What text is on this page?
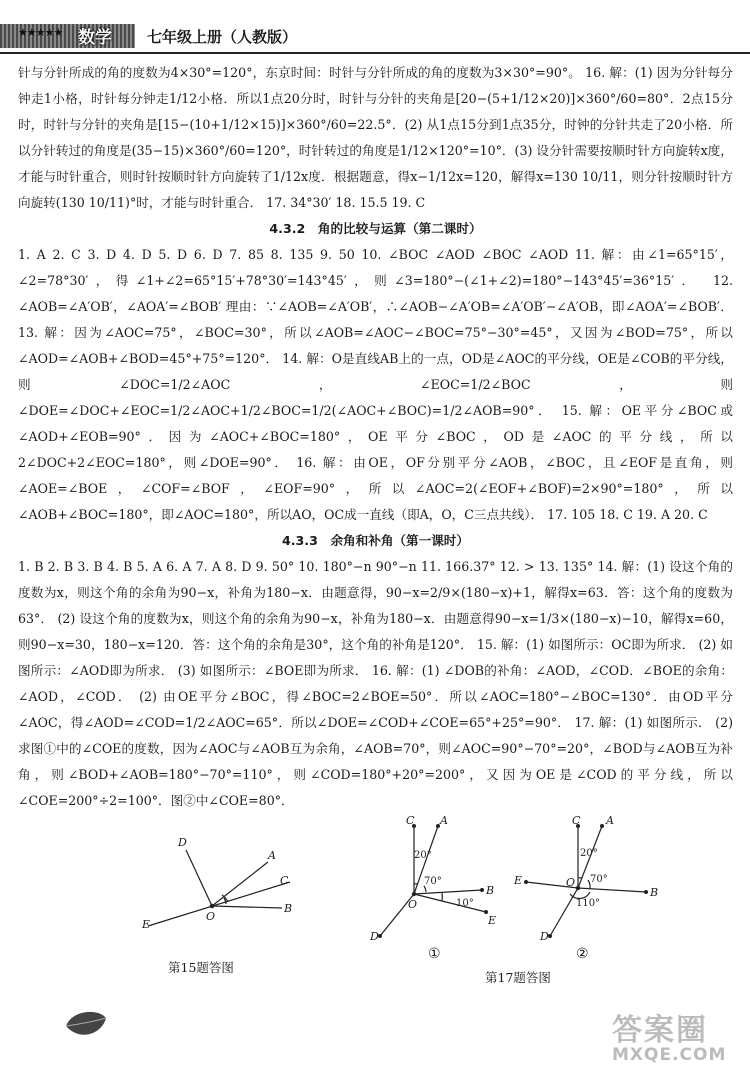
★★★★★ 数学 七年级上册（人教版）

针与分针所成的角的度数为4×30°=120°，东京时间：时针与分针所成的角的度数为3×30°=90°。 16. 解：(1) 因为分针每分钟走1小格，时针每分钟走1/12小格．所以1点20分时，时针与分针的夹角是[20−(5+1/12×20)]×360°/60=80°．2点15分时，时针与分针的夹角是[15−(10+1/12×15)]×360°/60=22.5°．(2) 从1点15分到1点35分，时钟的分针共走了20小格．所以分针转过的角度是(35−15)×360°/60=120°，时针转过的角度是1/12×120°=10°．(3) 设分针需要按顺时针方向旋转x度，才能与时针重合，则时针按顺时针方向旋转了1/12x度．根据题意，得x−1/12x=120，解得x=130 10/11，则分针按顺时针方向旋转(130 10/11)°时，才能与时针重合． 17. 34°30′ 18. 15.5 19. C

4.3.2　角的比较与运算（第二课时）

1. A 2. C 3. D 4. D 5. D 6. D 7. 85 8. 135 9. 50 10. ∠BOC ∠AOD ∠BOC ∠AOD 11. 解：由∠1=65°15′，∠2=78°30′，得∠1+∠2=65°15′+78°30′=143°45′，则∠3=180°−(∠1+∠2)=180°−143°45′=36°15′． 12. ∠AOB=∠A′OB′，∠AOA′=∠BOB′ 理由：∵∠AOB=∠A′OB′，∴∠AOB−∠A′OB=∠A′OB′−∠A′OB，即∠AOA′=∠BOB′． 13. 解：因为∠AOC=75°，∠BOC=30°，所以∠AOB=∠AOC−∠BOC=75°−30°=45°，又因为∠BOD=75°，所以∠AOD=∠AOB+∠BOD=45°+75°=120°． 14. 解：O是直线AB上的一点，OD是∠AOC的平分线，OE是∠COB的平分线，则∠DOC=1/2∠AOC，∠EOC=1/2∠BOC，则∠DOE=∠DOC+∠EOC=1/2∠AOC+1/2∠BOC=1/2(∠AOC+∠BOC)=1/2∠AOB=90°． 15. 解：OE平分∠BOC或∠AOD+∠EOB=90°．因为∠AOC+∠BOC=180°，OE平分∠BOC，OD是∠AOC的平分线，所以2∠DOC+2∠EOC=180°，则∠DOE=90°． 16. 解：由OE，OF分别平分∠AOB，∠BOC，且∠EOF是直角，则∠AOE=∠BOE，∠COF=∠BOF，∠EOF=90°，所以∠AOC=2(∠EOF+∠BOF)=2×90°=180°，所以∠AOB+∠BOC=180°，即∠AOC=180°，所以AO，OC成一直线（即A，O，C三点共线）． 17. 105 18. C 19. A 20. C

4.3.3　余角和补角（第一课时）

1. B 2. B 3. B 4. B 5. A 6. A 7. A 8. D 9. 50° 10. 180°−n 90°−n 11. 166.37° 12. > 13. 135° 14. 解：(1) 设这个角的度数为x，则这个角的余角为90−x，补角为180−x．由题意得，90−x=2/9×(180−x)+1，解得x=63．答：这个角的度数为63°． (2) 设这个角的度数为x，则这个角的余角为90−x，补角为180−x．由题意得90−x=1/3×(180−x)−10，解得x=60，则90−x=30，180−x=120．答：这个角的余角是30°，这个角的补角是120°． 15. 解：(1) 如图所示：OC即为所求． (2) 如图所示：∠AOD即为所求． (3) 如图所示：∠BOE即为所求． 16. 解：(1) ∠DOB的补角：∠AOD，∠COD．∠BOE的余角：∠AOD，∠COD． (2) 由OE平分∠BOC，得∠BOC=2∠BOE=50°．所以∠AOC=180°−∠BOC=130°．由OD平分∠AOC，得∠AOD=∠COD=1/2∠AOC=65°．所以∠DOE=∠COD+∠COE=65°+25°=90°． 17. 解：(1) 如图所示． (2) 求图①中的∠COE的度数，因为∠AOC与∠AOB互为余角，∠AOB=70°，则∠AOC=90°−70°=20°，∠BOD与∠AOB互为补角，则∠BOD+∠AOB=180°−70°=110°，则∠COD=180°+20°=200°，又因为OE是∠COD的平分线，所以∠COE=200°÷2=100°．图②中∠COE=80°．

D
A
C
B
E
O
第15题答图
C A
B
E
D
O
20°
70°
10°
①
C A
B
E
D
O
20°
70°
110°
②
第17题答图
答案圈
MXQE.COM
